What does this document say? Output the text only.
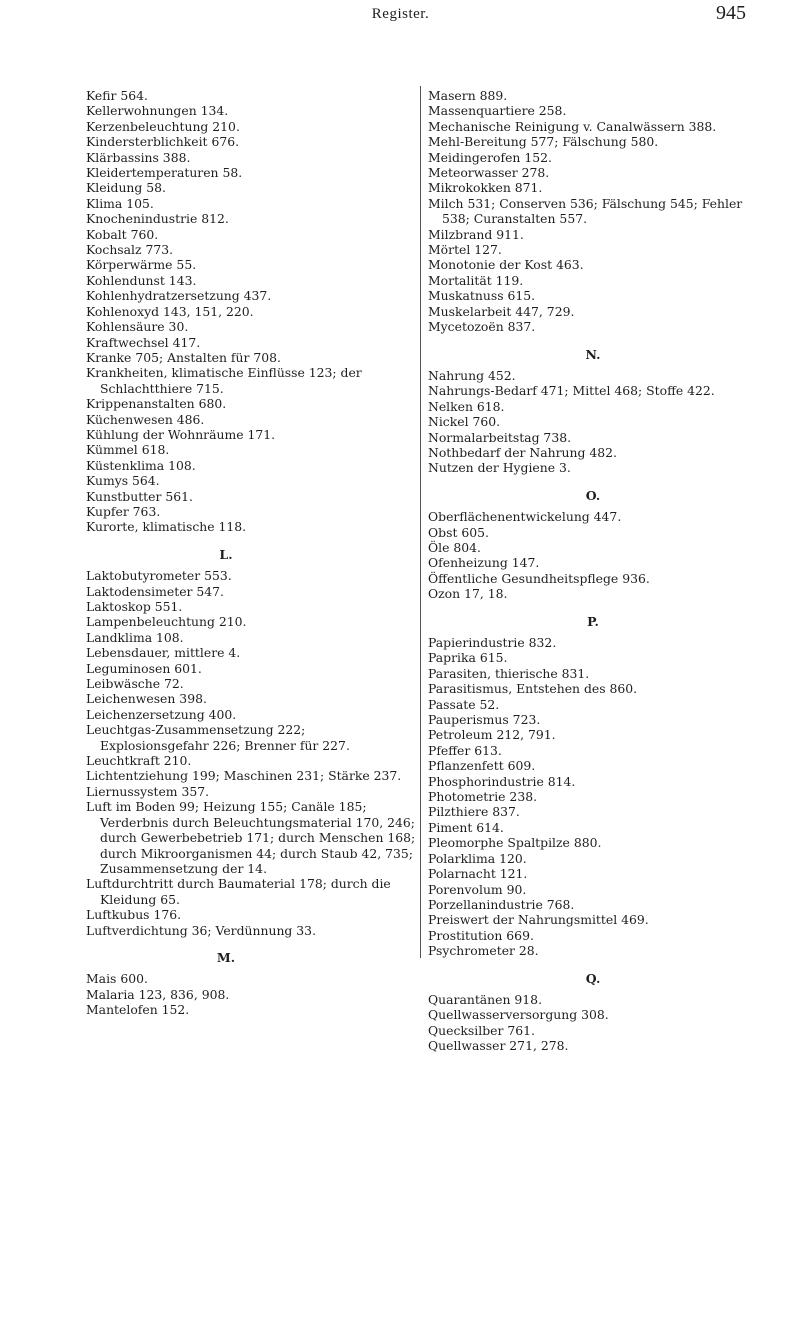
Register.	945

Kefir 564.

Kellerwohnungen 134.

Kerzenbeleuchtung 210.

Kindersterblichkeit 676.

Klärbassins 388.

Kleidertemperaturen 58.

Kleidung 58.

Klima 105.

Knochenindustrie 812.

Kobalt 760.

Kochsalz 773.

Körperwärme 55.

Kohlendunst 143.

Kohlenhydratzersetzung 437.

Kohlenoxyd 143, 151, 220.

Kohlensäure 30.

Kraftwechsel 417.

Kranke 705; Anstalten für 708.

Krankheiten, klimatische Einflüsse 123; der Schlachtthiere 715.

Krippenanstalten 680.

Küchenwesen 486.

Kühlung der Wohnräume 171.

Kümmel 618.

Küstenklima 108.

Kumys 564.

Kunstbutter 561.

Kupfer 763.

Kurorte, klimatische 118.

L.

Laktobutyrometer 553.

Laktodensimeter 547.

Laktoskop 551.

Lampenbeleuchtung 210.

Landklima 108.

Lebensdauer, mittlere 4.

Leguminosen 601.

Leibwäsche 72.

Leichenwesen 398.

Leichenzersetzung 400.

Leuchtgas-Zusammensetzung 222; Explosionsgefahr 226; Brenner für 227.

Leuchtkraft 210.

Lichtentziehung 199; Maschinen 231; Stärke 237.

Liernussystem 357.

Luft im Boden 99; Heizung 155; Canäle 185; Verderbnis durch Beleuchtungsmaterial 170, 246; durch Gewerbebetrieb 171; durch Menschen 168; durch Mikroorganismen 44; durch Staub 42, 735; Zusammensetzung der 14.

Luftdurchtritt durch Baumaterial 178; durch die Kleidung 65.

Luftkubus 176.

Luftverdichtung 36; Verdünnung 33.

M.

Mais 600.

Malaria 123, 836, 908.

Mantelofen 152.

Masern 889.

Massenquartiere 258.

Mechanische Reinigung v. Canalwässern 388.

Mehl-Bereitung 577; Fälschung 580.

Meidingerofen 152.

Meteorwasser 278.

Mikrokokken 871.

Milch 531; Conserven 536; Fälschung 545; Fehler 538; Curanstalten 557.

Milzbrand 911.

Mörtel 127.

Monotonie der Kost 463.

Mortalität 119.

Muskatnuss 615.

Muskelarbeit 447, 729.

Mycetozoën 837.

N.

Nahrung 452.

Nahrungs-Bedarf 471; Mittel 468; Stoffe 422.

Nelken 618.

Nickel 760.

Normalarbeitstag 738.

Nothbedarf der Nahrung 482.

Nutzen der Hygiene 3.

O.

Oberflächenentwickelung 447.

Obst 605.

Öle 804.

Ofenheizung 147.

Öffentliche Gesundheitspflege 936.

Ozon 17, 18.

P.

Papierindustrie 832.

Paprika 615.

Parasiten, thierische 831.

Parasitismus, Entstehen des 860.

Passate 52.

Pauperismus 723.

Petroleum 212, 791.

Pfeffer 613.

Pflanzenfett 609.

Phosphorindustrie 814.

Photometrie 238.

Pilzthiere 837.

Piment 614.

Pleomorphe Spaltpilze 880.

Polarklima 120.

Polarnacht 121.

Porenvolum 90.

Porzellanindustrie 768.

Preiswert der Nahrungsmittel 469.

Prostitution 669.

Psychrometer 28.

Q.

Quarantänen 918.

Quellwasserversorgung 308.

Quecksilber 761.

Quellwasser 271, 278.
